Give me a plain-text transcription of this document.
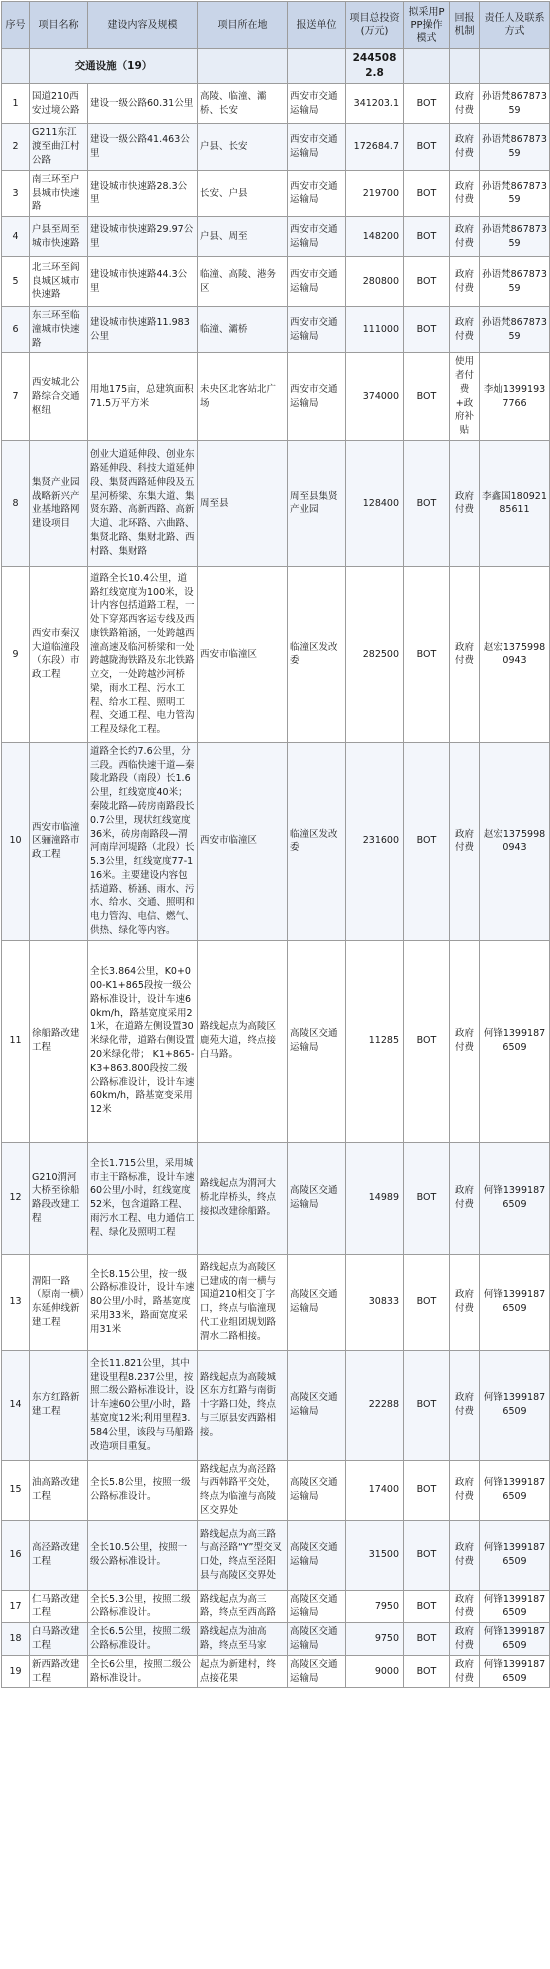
序号	项目名称	建设内容及规模	项目所在地	报送单位	项目总投资(万元)	拟采用PPP操作模式	回报机制	责任人及联系方式
	交通设施（19）				2445082.8			
1	国道210西安过境公路	建设一级公路60.31公里	高陵、临潼、灞桥、长安	西安市交通运输局	341203.1	BOT	政府付费	孙语梵86787359
2	G211东江渡至曲江村公路	建设一级公路41.463公里	户县、长安	西安市交通运输局	172684.7	BOT	政府付费	孙语梵86787359
3	南三环至户县城市快速路	建设城市快速路28.3公里	长安、户县	西安市交通运输局	219700	BOT	政府付费	孙语梵86787359
4	户县至周至城市快速路	建设城市快速路29.97公里	户县、周至	西安市交通运输局	148200	BOT	政府付费	孙语梵86787359
5	北三环至阎良城区城市快速路	建设城市快速路44.3公里	临潼、高陵、港务区	西安市交通运输局	280800	BOT	政府付费	孙语梵86787359
6	东三环至临潼城市快速路	建设城市快速路11.983公里	临潼、灞桥	西安市交通运输局	111000	BOT	政府付费	孙语梵86787359
7	西安城北公路综合交通枢纽	用地175亩，总建筑面积71.5万平方米	未央区北客站北广场	西安市交通运输局	374000	BOT	使用者付费+政府补贴	李灿13991937766
8	集贤产业园战略新兴产业基地路网建设项目	创业大道延伸段、创业东路延伸段、科技大道延伸段、集贤西路延伸段及五星河桥梁、东集大道、集贤东路、高新西路、高新大道、北环路、六曲路、集贤北路、集财北路、西村路、集财路	周至县	周至县集贤产业园	128400	BOT	政府付费	李鑫国18092185611
9	西安市秦汉大道临潼段（东段）市政工程	道路全长10.4公里，道路红线宽度为100米，设计内容包括道路工程，一处下穿郑西客运专线及西康铁路箱涵，一处跨越西潼高速及临河桥梁和一处跨越陇海铁路及东北铁路立交，一处跨越沙河桥梁，雨水工程、污水工程、给水工程、照明工程、交通工程、电力管沟工程及绿化工程。	西安市临潼区	临潼区发改委	282500	BOT	政府付费	赵宏13759980943
10	西安市临潼区骊潼路市政工程	道路全长约7.6公里，分三段。西临快速干道—秦陵北路段（南段）长1.6公里，红线宽度40米；秦陵北路—砖房南路段长0.7公里，现状红线宽度36米，砖房南路段—渭河南岸河堤路（北段）长5.3公里，红线宽度77-116米。主要建设内容包括道路、桥涵、雨水、污水、给水、交通、照明和电力管沟、电信、燃气、供热、绿化等内容。	西安市临潼区	临潼区发改委	231600	BOT	政府付费	赵宏13759980943
11	徐船路改建工程	全长3.864公里，K0+000-K1+865段按一级公路标准设计，设计车速60km/h，路基宽度采用21米，在道路左侧设置30米绿化带，道路右侧设置20米绿化带； K1+865-K3+863.800段按二级公路标准设计，设计车速60km/h，路基宽变采用12米	路线起点为高陵区鹿苑大道，终点接白马路。	高陵区交通运输局	11285	BOT	政府付费	何锋13991876509
12	G210渭河大桥至徐船路段改建工程	全长1.715公里，采用城市主干路标准，设计车速60公里/小时，红线宽度52米，包含道路工程、雨污水工程、电力通信工程、绿化及照明工程	路线起点为渭河大桥北岸桥头，终点接拟改建徐船路。	高陵区交通运输局	14989	BOT	政府付费	何锋13991876509
13	渭阳一路（原南一横）东延伸线新建工程	全长8.15公里，按一级公路标准设计，设计车速80公里/小时，路基宽度采用33米，路面宽度采用31米	路线起点为高陵区已建成的南一横与国道210相交丁字口，终点与临潼现代工业组团规划路渭水二路相接。	高陵区交通运输局	30833	BOT	政府付费	何锋13991876509
14	东方红路新建工程	全长11.821公里，其中建设里程8.237公里，按照二级公路标准设计，设计车速60公里/小时，路基宽度12米;利用里程3.584公里，该段与马船路改造项目重复。	路线起点为高陵城区东方红路与南街十字路口处，终点与三原县安西路相接。	高陵区交通运输局	22288	BOT	政府付费	何锋13991876509
15	油高路改建工程	全长5.8公里，按照一级公路标准设计。	路线起点为高泾路与西韩路平交处，终点为临潼与高陵区交界处	高陵区交通运输局	17400	BOT	政府付费	何锋13991876509
16	高泾路改建工程	全长10.5公里，按照一级公路标准设计。	路线起点为高三路与高泾路“Y”型交叉口处，终点至泾阳县与高陵区交界处	高陵区交通运输局	31500	BOT	政府付费	何锋13991876509
17	仁马路改建工程	全长5.3公里，按照二级公路标准设计。	路线起点为高三路，终点至西高路	高陵区交通运输局	7950	BOT	政府付费	何锋13991876509
18	白马路改建工程	全长6.5公里，按照二级公路标准设计。	路线起点为油高路，终点至马家	高陵区交通运输局	9750	BOT	政府付费	何锋13991876509
19	新西路改建工程	全长6公里，按照二级公路标准设计。	起点为新建村，终点接花果	高陵区交通运输局	9000	BOT	政府付费	何锋13991876509
